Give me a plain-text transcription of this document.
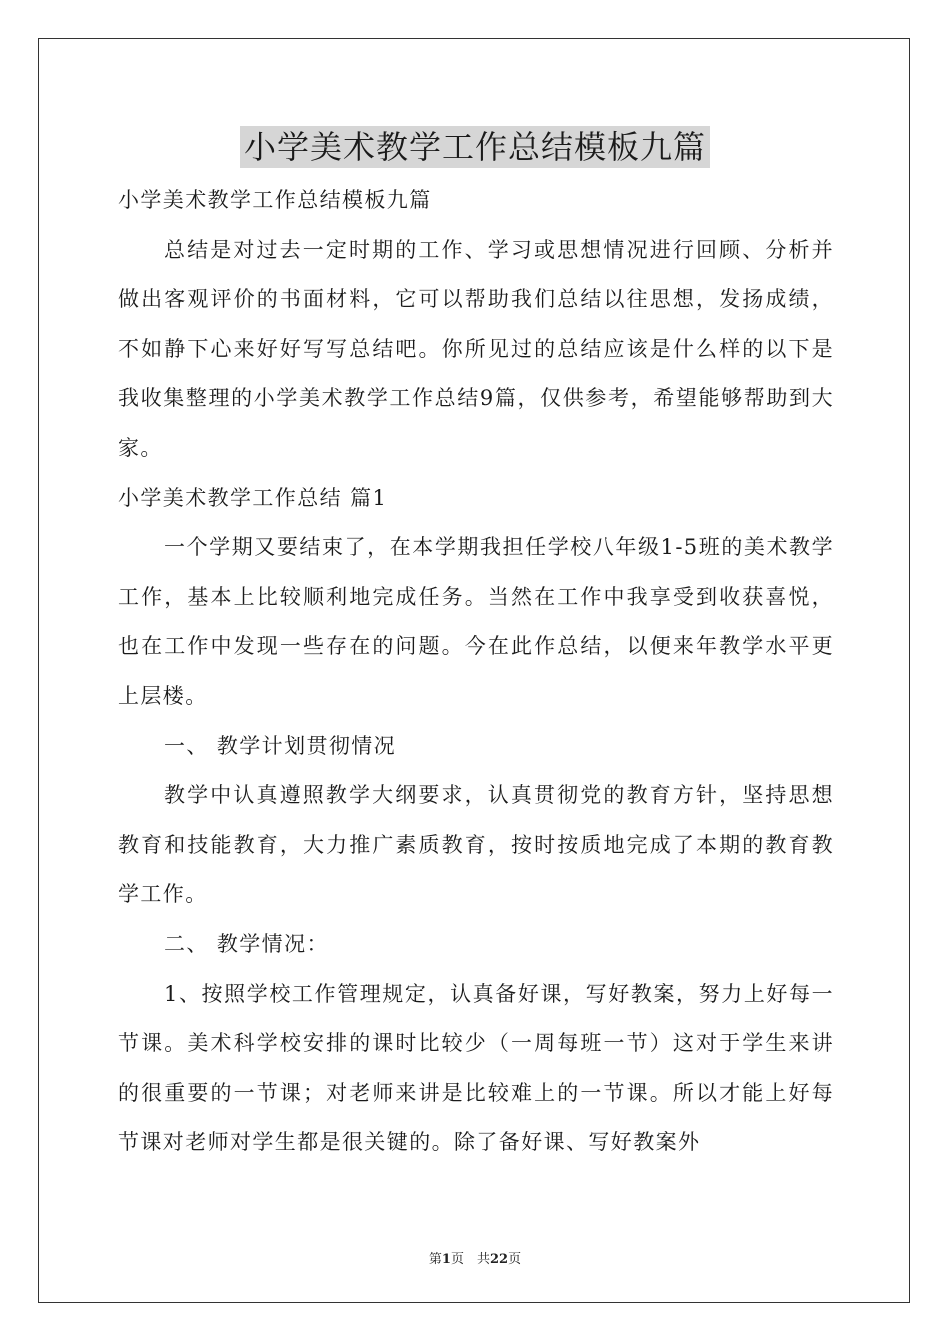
小学美术教学工作总结模板九篇

小学美术教学工作总结模板九篇

总结是对过去一定时期的工作、学习或思想情况进行回顾、分析并做出客观评价的书面材料，它可以帮助我们总结以往思想，发扬成绩，不如静下心来好好写写总结吧。你所见过的总结应该是什么样的以下是我收集整理的小学美术教学工作总结9篇，仅供参考，希望能够帮助到大家。

小学美术教学工作总结 篇1

一个学期又要结束了，在本学期我担任学校八年级1-5班的美术教学工作，基本上比较顺利地完成任务。当然在工作中我享受到收获喜悦，也在工作中发现一些存在的问题。今在此作总结，以便来年教学水平更上层楼。

一、 教学计划贯彻情况

教学中认真遵照教学大纲要求，认真贯彻党的教育方针，坚持思想教育和技能教育，大力推广素质教育，按时按质地完成了本期的教育教学工作。

二、 教学情况：

1、按照学校工作管理规定，认真备好课，写好教案，努力上好每一节课。美术科学校安排的课时比较少（一周每班一节）这对于学生来讲的很重要的一节课；对老师来讲是比较难上的一节课。所以才能上好每节课对老师对学生都是很关键的。除了备好课、写好教案外

第1页　共22页
